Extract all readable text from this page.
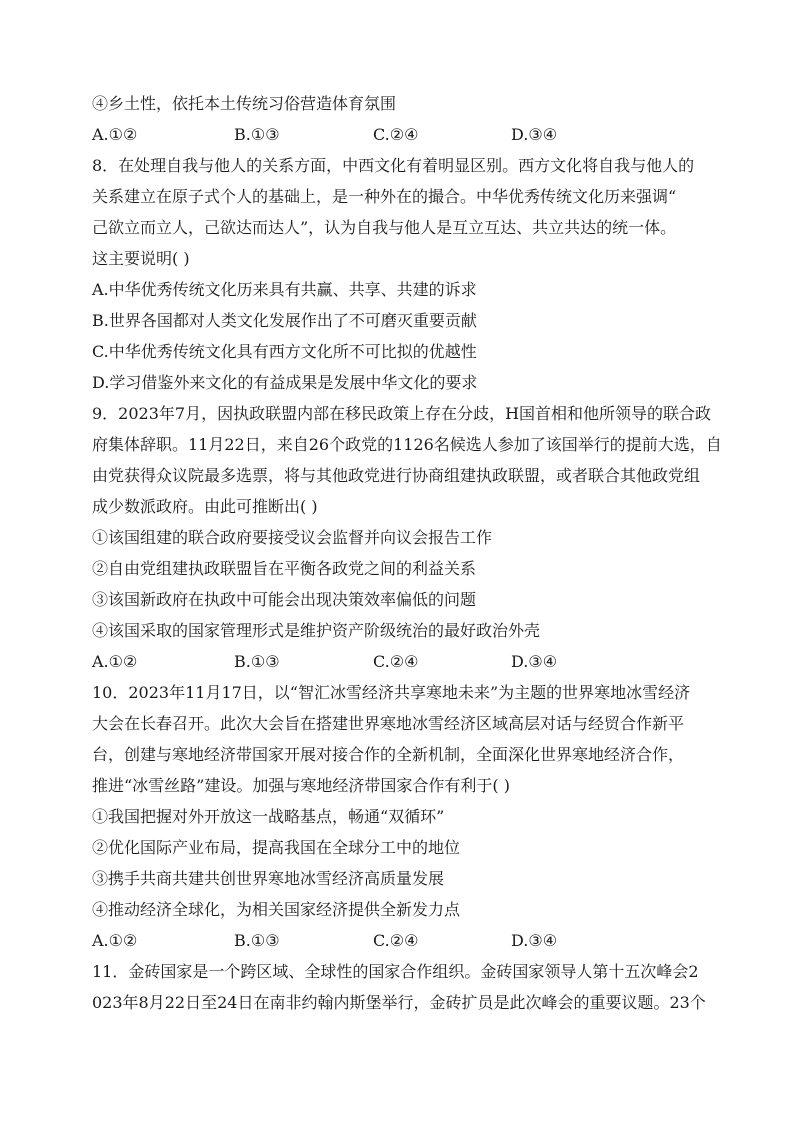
④乡土性，依托本土传统习俗营造体育氛围
A.①②	B.①③	C.②④	D.③④
8．在处理自我与他人的关系方面，中西文化有着明显区别。西方文化将自我与他人的
关系建立在原子式个人的基础上，是一种外在的撮合。中华优秀传统文化历来强调“
己欲立而立人，己欲达而达人”，认为自我与他人是互立互达、共立共达的统一体。
这主要说明( )
A.中华优秀传统文化历来具有共赢、共享、共建的诉求
B.世界各国都对人类文化发展作出了不可磨灭重要贡献
C.中华优秀传统文化具有西方文化所不可比拟的优越性
D.学习借鉴外来文化的有益成果是发展中华文化的要求
9．2023年7月，因执政联盟内部在移民政策上存在分歧，H国首相和他所领导的联合政
府集体辞职。11月22日，来自26个政党的1126名候选人参加了该国举行的提前大选，自
由党获得众议院最多选票，将与其他政党进行协商组建执政联盟，或者联合其他政党组
成少数派政府。由此可推断出( )
①该国组建的联合政府要接受议会监督并向议会报告工作
②自由党组建执政联盟旨在平衡各政党之间的利益关系
③该国新政府在执政中可能会出现决策效率偏低的问题
④该国采取的国家管理形式是维护资产阶级统治的最好政治外壳
A.①②	B.①③	C.②④	D.③④
10．2023年11月17日，以“智汇冰雪经济共享寒地未来”为主题的世界寒地冰雪经济
大会在长春召开。此次大会旨在搭建世界寒地冰雪经济区域高层对话与经贸合作新平
台，创建与寒地经济带国家开展对接合作的全新机制，全面深化世界寒地经济合作，
推进“冰雪丝路”建设。加强与寒地经济带国家合作有利于( )
①我国把握对外开放这一战略基点，畅通“双循环”
②优化国际产业布局，提高我国在全球分工中的地位
③携手共商共建共创世界寒地冰雪经济高质量发展
④推动经济全球化，为相关国家经济提供全新发力点
A.①②	B.①③	C.②④	D.③④
11．金砖国家是一个跨区域、全球性的国家合作组织。金砖国家领导人第十五次峰会2
023年8月22日至24日在南非约翰内斯堡举行，金砖扩员是此次峰会的重要议题。23个
